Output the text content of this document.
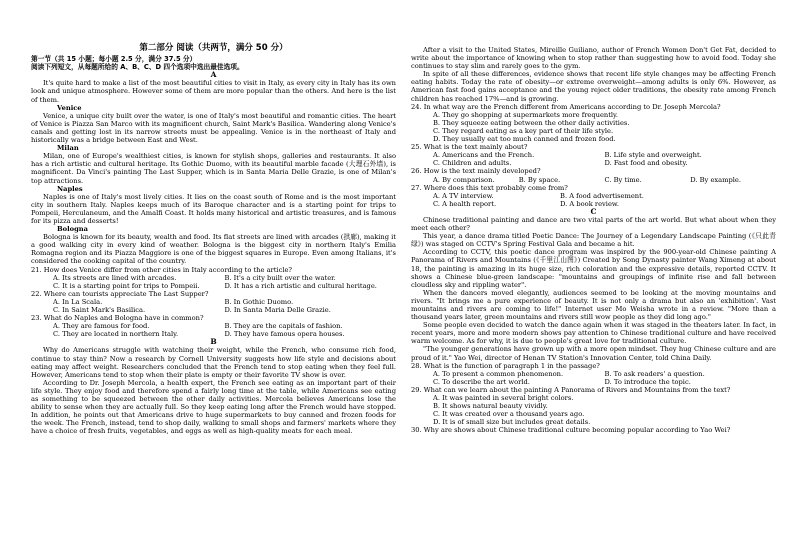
第二部分 阅读（共两节，满分 50 分）

第一节（共 15 小题；每小题 2.5 分，满分 37.5 分）

阅读下列短文，从每题所给的 A、B、C、D 四个选项中选出最佳选项。

A

It's quite hard to make a list of the most beautiful cities to visit in Italy, as every city in Italy has its own look and unique atmosphere. However some of them are more popular than the others. And here is the list of them.

Venice

Venice, a unique city built over the water, is one of Italy's most beautiful and romantic cities. The heart of Venice is Piazza San Marco with its magnificent church, Saint Mark's Basilica. Wandering along Venice's canals and getting lost in its narrow streets must be appealing. Venice is in the northeast of Italy and historically was a bridge between East and West.

Milan

Milan, one of Europe's wealthiest cities, is known for stylish shops, galleries and restaurants. It also has a rich artistic and cultural heritage. Its Gothic Duomo, with its beautiful marble facade (大理石外墙), is magnificent. Da Vinci's painting The Last Supper, which is in Santa Maria Delle Grazie, is one of Milan's top attractions.

Naples

Naples is one of Italy's most lively cities. It lies on the coast south of Rome and is the most important city in southern Italy. Naples keeps much of its Baroque character and is a starting point for trips to Pompeii, Herculaneum, and the Amalfi Coast. It holds many historical and artistic treasures, and is famous for its pizza and desserts!

Bologna

Bologna is known for its beauty, wealth and food. Its flat streets are lined with arcades (拱廊), making it a good walking city in every kind of weather. Bologna is the biggest city in northern Italy's Emilia Romagna region and its Piazza Maggiore is one of the biggest squares in Europe. Even among Italians, it's considered the cooking capital of the country.

21. How does Venice differ from other cities in Italy according to the article?

A. Its streets are lined with arcades.	B. It's a city built over the water.
C. It is a starting point for trips to Pompeii.	D. It has a rich artistic and cultural heritage.

22. Where can tourists appreciate The Last Supper?

A. In La Scala.	B. In Gothic Duomo.
C. In Saint Mark's Basilica.	D. In Santa Maria Delle Grazie.

23. What do Naples and Bologna have in common?

A. They are famous for food.	B. They are the capitals of fashion.
C. They are located in northern Italy.	D. They have famous opera houses.

B

Why do Americans struggle with watching their weight, while the French, who consume rich food, continue to stay thin? Now a research by Cornell University suggests how life style and decisions about eating may affect weight. Researchers concluded that the French tend to stop eating when they feel full. However, Americans tend to stop when their plate is empty or their favorite TV show is over.

According to Dr. Joseph Mercola, a health expert, the French see eating as an important part of their life style. They enjoy food and therefore spend a fairly long time at the table, while Americans see eating as something to be squeezed between the other daily activities. Mercola believes Americans lose the ability to sense when they are actually full. So they keep eating long after the French would have stopped. In addition, he points out that Americans drive to huge supermarkets to buy canned and frozen foods for the week. The French, instead, tend to shop daily, walking to small shops and farmers' markets where they have a choice of fresh fruits, vegetables, and eggs as well as high-quality meats for each meal.

After a visit to the United States, Mireille Guiliano, author of French Women Don't Get Fat, decided to write about the importance of knowing when to stop rather than suggesting how to avoid food. Today she continues to stay slim and rarely goes to the gym.

In spite of all these differences, evidence shows that recent life style changes may be affecting French eating habits. Today the rate of obesity—or extreme overweight—among adults is only 6%. However, as American fast food gains acceptance and the young reject older traditions, the obesity rate among French children has reached 17%—and is growing.

24. In what way are the French different from Americans according to Dr. Joseph Mercola?

A. They go shopping at supermarkets more frequently.
B. They squeeze eating between the other daily activities.
C. They regard eating as a key part of their life style.
D. They usually eat too much canned and frozen food.

25. What is the text mainly about?

A. Americans and the French.	B. Life style and overweight.
C. Children and adults.	D. Fast food and obesity.

26. How is the text mainly developed?

A. By comparison.	B. By space.	C. By time.	D. By example.

27. Where does this text probably come from?

A. A TV interview.	B. A food advertisement.
C. A health report.	D. A book review.

C

Chinese traditional painting and dance are two vital parts of the art world. But what about when they meet each other?

This year, a dance drama titled Poetic Dance: The Journey of a Legendary Landscape Painting (《只此青绿》) was staged on CCTV's Spring Festival Gala and became a hit.

According to CCTV, this poetic dance program was inspired by the 900-year-old Chinese painting A Panorama of Rivers and Mountains (《千里江山图》) Created by Song Dynasty painter Wang Ximeng at about 18, the painting is amazing in its huge size, rich coloration and the expressive details, reported CCTV. It shows a Chinese blue-green landscape: "mountains and groupings of infinite rise and fall between cloudless sky and rippling water".

When the dancers moved elegantly, audiences seemed to be looking at the moving mountains and rivers. "It brings me a pure experience of beauty. It is not only a drama but also an 'exhibition'. Vast mountains and rivers are coming to life!" Internet user Mo Weisha wrote in a review. "More than a thousand years later, green mountains and rivers still wow people as they did long ago."

Some people even decided to watch the dance again when it was staged in the theaters later. In fact, in recent years, more and more modern shows pay attention to Chinese traditional culture and have received warm welcome. As for why, it is due to people's great love for traditional culture.

"The younger generations have grown up with a more open mindset. They hug Chinese culture and are proud of it." Yao Wei, director of Henan TV Station's Innovation Center, told China Daily.

28. What is the function of paragraph 1 in the passage?

A. To present a common phenomenon.	B. To ask readers' a question.
C. To describe the art world.	D. To introduce the topic.

29. What can we learn about the painting A Panorama of Rivers and Mountains from the text?

A. It was painted in several bright colors.
B. It shows natural beauty vividly.
C. It was created over a thousand years ago.
D. It is of small size but includes great details.

30. Why are shows about Chinese traditional culture becoming popular according to Yao Wei?
